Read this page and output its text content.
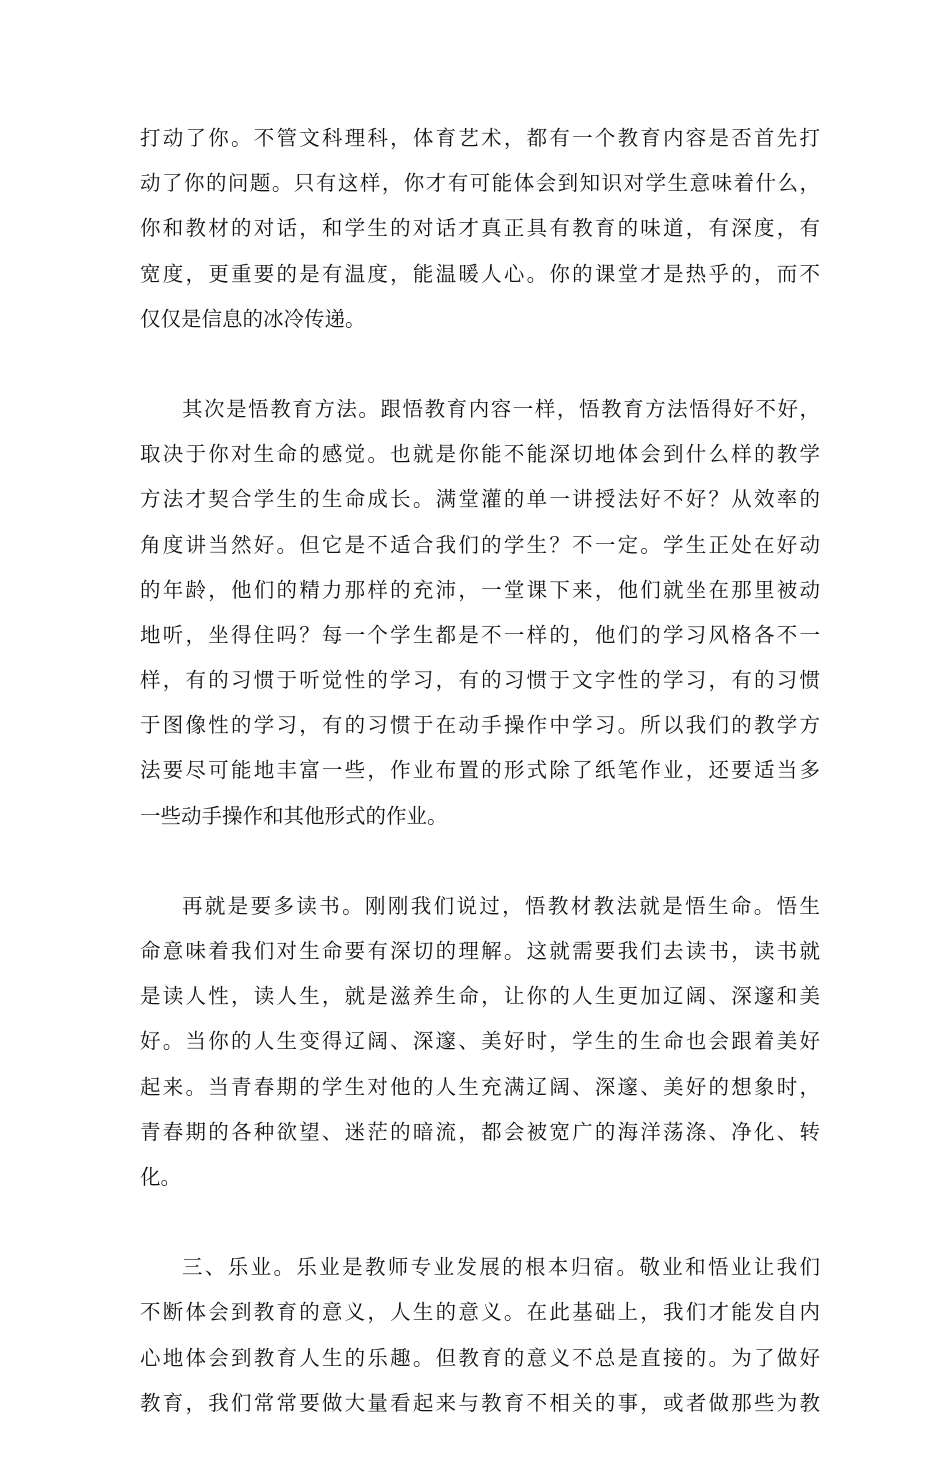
打动了你。不管文科理科，体育艺术，都有一个教育内容是否首先打
动了你的问题。只有这样，你才有可能体会到知识对学生意味着什么，
你和教材的对话，和学生的对话才真正具有教育的味道，有深度，有
宽度，更重要的是有温度，能温暖人心。你的课堂才是热乎的，而不
仅仅是信息的冰冷传递。
其次是悟教育方法。跟悟教育内容一样，悟教育方法悟得好不好，
取决于你对生命的感觉。也就是你能不能深切地体会到什么样的教学
方法才契合学生的生命成长。满堂灌的单一讲授法好不好？从效率的
角度讲当然好。但它是不适合我们的学生？不一定。学生正处在好动
的年龄，他们的精力那样的充沛，一堂课下来，他们就坐在那里被动
地听，坐得住吗？每一个学生都是不一样的，他们的学习风格各不一
样，有的习惯于听觉性的学习，有的习惯于文字性的学习，有的习惯
于图像性的学习，有的习惯于在动手操作中学习。所以我们的教学方
法要尽可能地丰富一些，作业布置的形式除了纸笔作业，还要适当多
一些动手操作和其他形式的作业。
再就是要多读书。刚刚我们说过，悟教材教法就是悟生命。悟生
命意味着我们对生命要有深切的理解。这就需要我们去读书，读书就
是读人性，读人生，就是滋养生命，让你的人生更加辽阔、深邃和美
好。当你的人生变得辽阔、深邃、美好时，学生的生命也会跟着美好
起来。当青春期的学生对他的人生充满辽阔、深邃、美好的想象时，
青春期的各种欲望、迷茫的暗流，都会被宽广的海洋荡涤、净化、转
化。
三、乐业。乐业是教师专业发展的根本归宿。敬业和悟业让我们
不断体会到教育的意义，人生的意义。在此基础上，我们才能发自内
心地体会到教育人生的乐趣。但教育的意义不总是直接的。为了做好
教育，我们常常要做大量看起来与教育不相关的事，或者做那些为教
